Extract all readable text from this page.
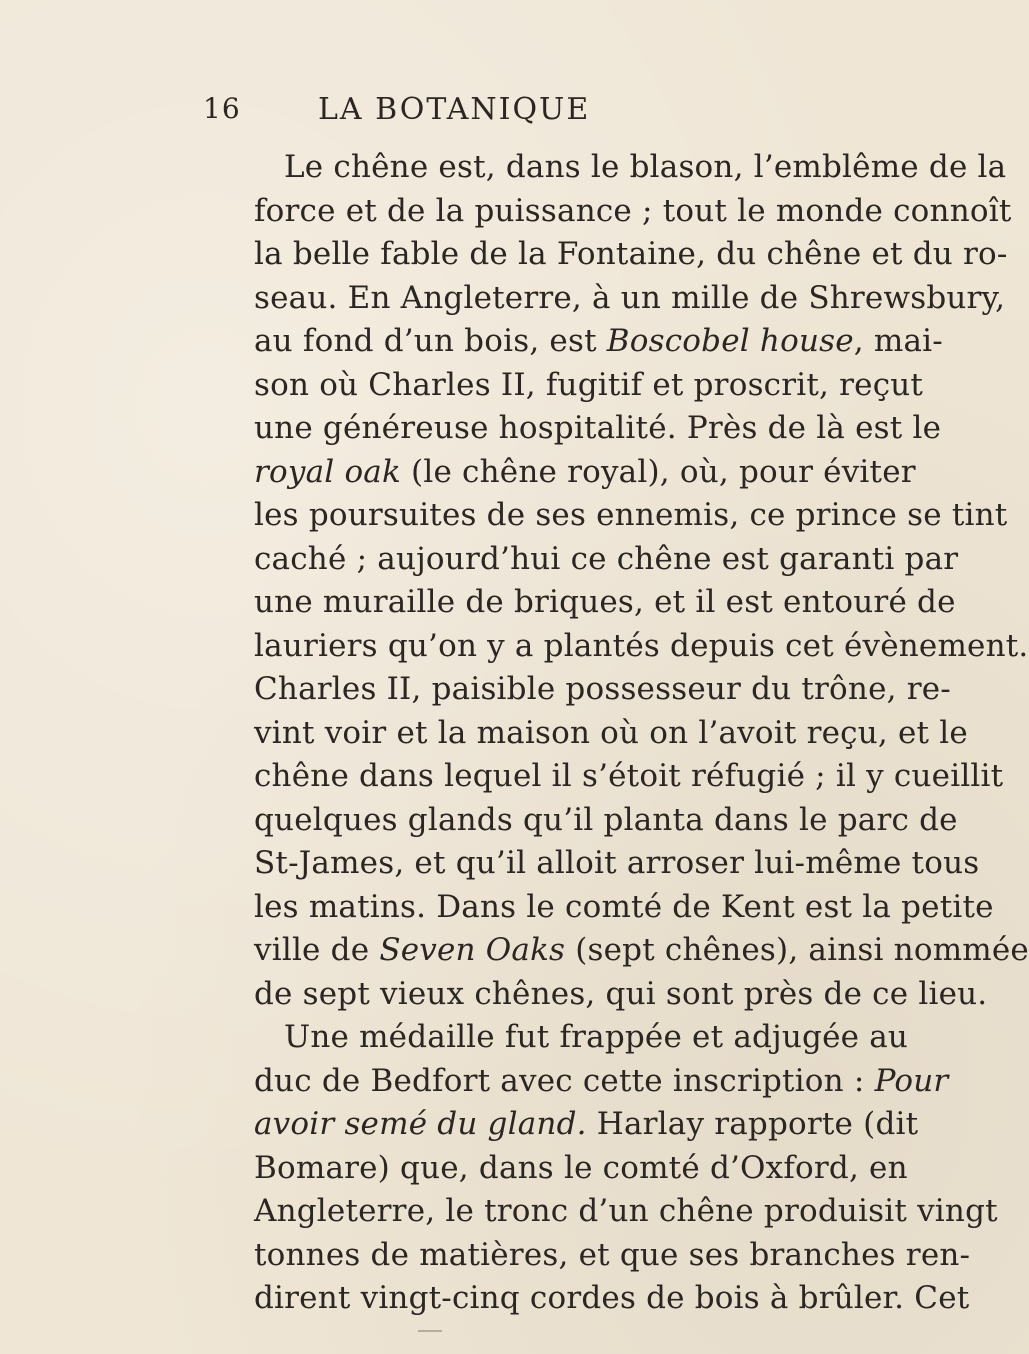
16	LA BOTANIQUE
Le chêne est, dans le blason, l’emblême de la
force et de la puissance ; tout le monde connoît
la belle fable de la Fontaine, du chêne et du ro-
seau. En Angleterre, à un mille de Shrewsbury,
au fond d’un bois, est Boscobel house, mai-
son où Charles II, fugitif et proscrit, reçut
une généreuse hospitalité. Près de là est le
royal oak (le chêne royal), où, pour éviter
les poursuites de ses ennemis, ce prince se tint
caché ; aujourd’hui ce chêne est garanti par
une muraille de briques, et il est entouré de
lauriers qu’on y a plantés depuis cet évènement.
Charles II, paisible possesseur du trône, re-
vint voir et la maison où on l’avoit reçu, et le
chêne dans lequel il s’étoit réfugié ; il y cueillit
quelques glands qu’il planta dans le parc de
St-James, et qu’il alloit arroser lui-même tous
les matins. Dans le comté de Kent est la petite
ville de Seven Oaks (sept chênes), ainsi nommée
de sept vieux chênes, qui sont près de ce lieu.
Une médaille fut frappée et adjugée au
duc de Bedfort avec cette inscription : Pour
avoir semé du gland. Harlay rapporte (dit
Bomare) que, dans le comté d’Oxford, en
Angleterre, le tronc d’un chêne produisit vingt
tonnes de matières, et que ses branches ren-
dirent vingt-cinq cordes de bois à brûler. Cet
